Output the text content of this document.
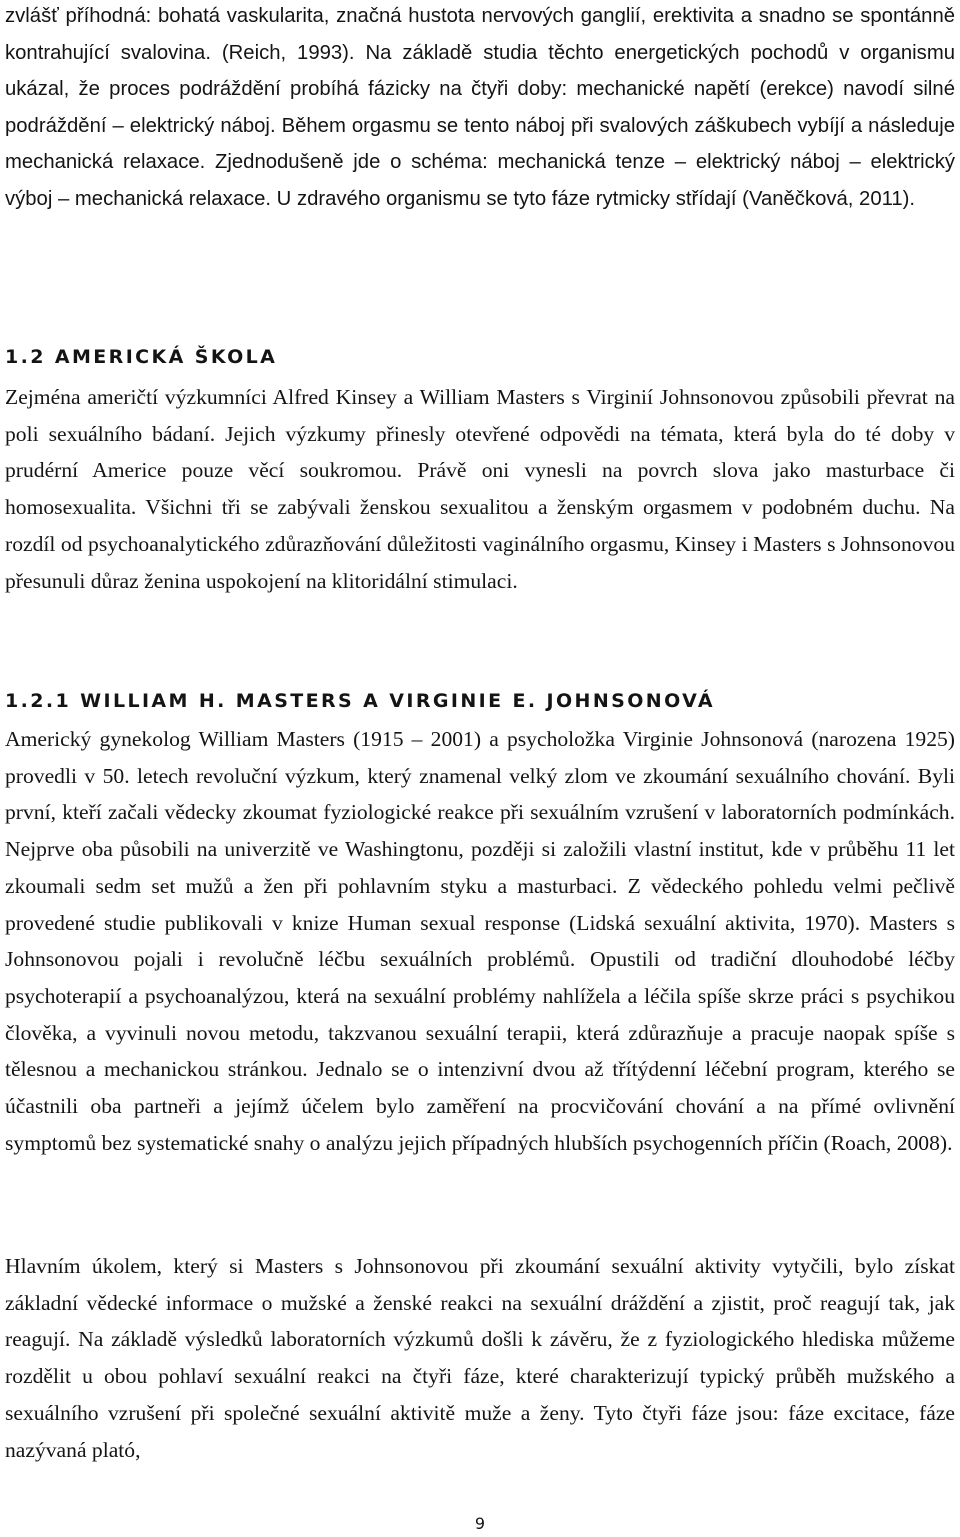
zvlášť příhodná: bohatá vaskularita, značná hustota nervových ganglií, erektivita a snadno se spontánně kontrahující svalovina. (Reich, 1993). Na základě studia těchto energetických pochodů v organismu ukázal, že proces podráždění probíhá fázicky na čtyři doby: mechanické napětí (erekce) navodí silné podráždění – elektrický náboj. Během orgasmu se tento náboj při svalových záškubech vybíjí a následuje mechanická relaxace. Zjednodušeně jde o schéma: mechanická tenze – elektrický náboj – elektrický výboj – mechanická relaxace. U zdravého organismu se tyto fáze rytmicky střídají (Vaněčková, 2011).

1.2 AMERICKÁ ŠKOLA

Zejména američtí výzkumníci Alfred Kinsey a William Masters s Virginií Johnsonovou způsobili převrat na poli sexuálního bádaní. Jejich výzkumy přinesly otevřené odpovědi na témata, která byla do té doby v prudérní Americe pouze věcí soukromou. Právě oni vynesli na povrch slova jako masturbace či homosexualita. Všichni tři se zabývali ženskou sexualitou a ženským orgasmem v podobném duchu. Na rozdíl od psychoanalytického zdůrazňování důležitosti vaginálního orgasmu, Kinsey i Masters s Johnsonovou přesunuli důraz ženina uspokojení na klitoridální stimulaci.

1.2.1 WILLIAM H. MASTERS A VIRGINIE E. JOHNSONOVÁ

Americký gynekolog William Masters (1915 – 2001) a psycholožka Virginie Johnsonová (narozena 1925) provedli v 50. letech revoluční výzkum, který znamenal velký zlom ve zkoumání sexuálního chování. Byli první, kteří začali vědecky zkoumat fyziologické reakce při sexuálním vzrušení v laboratorních podmínkách. Nejprve oba působili na univerzitě ve Washingtonu, později si založili vlastní institut, kde v průběhu 11 let zkoumali sedm set mužů a žen při pohlavním styku a masturbaci. Z vědeckého pohledu velmi pečlivě provedené studie publikovali v knize Human sexual response (Lidská sexuální aktivita, 1970). Masters s Johnsonovou pojali i revolučně léčbu sexuálních problémů. Opustili od tradiční dlouhodobé léčby psychoterapií a psychoanalýzou, která na sexuální problémy nahlížela a léčila spíše skrze práci s psychikou člověka, a vyvinuli novou metodu, takzvanou sexuální terapii, která zdůrazňuje a pracuje naopak spíše s tělesnou a mechanickou stránkou. Jednalo se o intenzivní dvou až třítýdenní léčební program, kterého se účastnili oba partneři a jejímž účelem bylo zaměření na procvičování chování a na přímé ovlivnění symptomů bez systematické snahy o analýzu jejich případných hlubších psychogenních příčin (Roach, 2008).

Hlavním úkolem, který si Masters s Johnsonovou při zkoumání sexuální aktivity vytyčili, bylo získat základní vědecké informace o mužské a ženské reakci na sexuální dráždění a zjistit, proč reagují tak, jak reagují. Na základě výsledků laboratorních výzkumů došli k závěru, že z fyziologického hlediska můžeme rozdělit u obou pohlaví sexuální reakci na čtyři fáze, které charakterizují typický průběh mužského a sexuálního vzrušení při společné sexuální aktivitě muže a ženy. Tyto čtyři fáze jsou: fáze excitace, fáze nazývaná plató,

9
